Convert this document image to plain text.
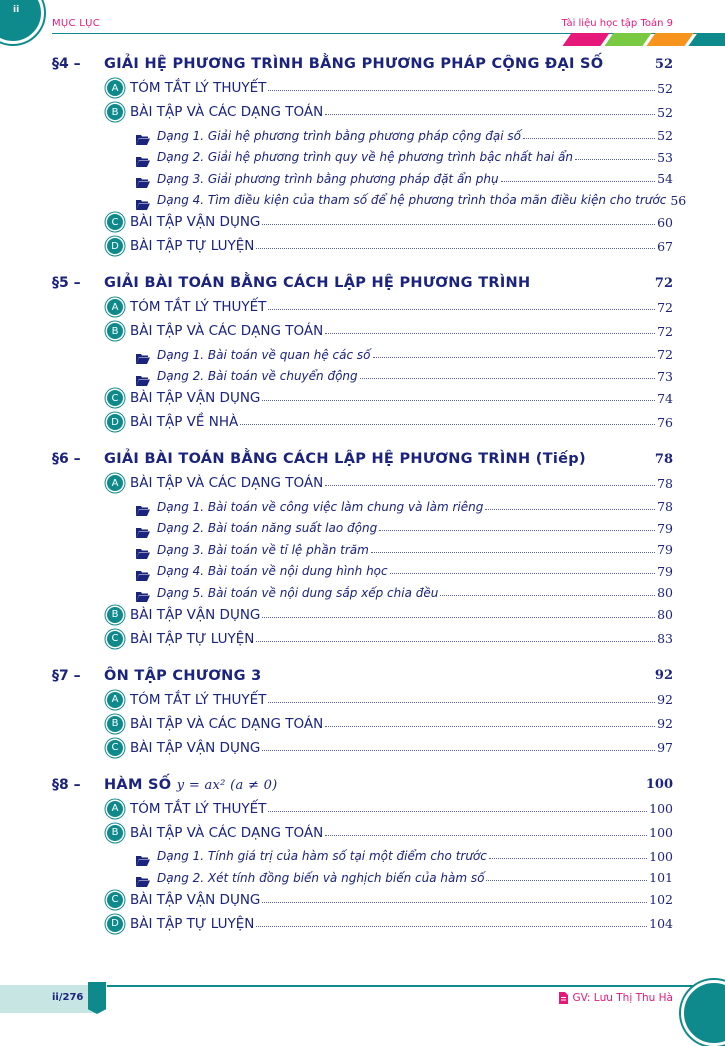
ii
MỤC LỤC	Tài liệu học tập Toán 9
§4 –	GIẢI HỆ PHƯƠNG TRÌNH BẰNG PHƯƠNG PHÁP CỘNG ĐẠI SỐ	52
A TÓM TẮT LÝ THUYẾT	52
B BÀI TẬP VÀ CÁC DẠNG TOÁN	52
Dạng 1. Giải hệ phương trình bằng phương pháp cộng đại số	52
Dạng 2. Giải hệ phương trình quy về hệ phương trình bậc nhất hai ẩn	53
Dạng 3. Giải phương trình bằng phương pháp đặt ẩn phụ	54
Dạng 4. Tìm điều kiện của tham số để hệ phương trình thỏa mãn điều kiện cho trước 56
C BÀI TẬP VẬN DỤNG	60
D BÀI TẬP TỰ LUYỆN	67
§5 –	GIẢI BÀI TOÁN BẰNG CÁCH LẬP HỆ PHƯƠNG TRÌNH	72
A TÓM TẮT LÝ THUYẾT	72
B BÀI TẬP VÀ CÁC DẠNG TOÁN	72
Dạng 1. Bài toán về quan hệ các số	72
Dạng 2. Bài toán về chuyển động	73
C BÀI TẬP VẬN DỤNG	74
D BÀI TẬP VỀ NHÀ	76
§6 –	GIẢI BÀI TOÁN BẰNG CÁCH LẬP HỆ PHƯƠNG TRÌNH (Tiếp)	78
A BÀI TẬP VÀ CÁC DẠNG TOÁN	78
Dạng 1. Bài toán về công việc làm chung và làm riêng	78
Dạng 2. Bài toán năng suất lao động	79
Dạng 3. Bài toán về tỉ lệ phần trăm	79
Dạng 4. Bài toán về nội dung hình học	79
Dạng 5. Bài toán về nội dung sắp xếp chia đều	80
B BÀI TẬP VẬN DỤNG	80
C BÀI TẬP TỰ LUYỆN	83
§7 –	ÔN TẬP CHƯƠNG 3	92
A TÓM TẮT LÝ THUYẾT	92
B BÀI TẬP VÀ CÁC DẠNG TOÁN	92
C BÀI TẬP VẬN DỤNG	97
§8 –	HÀM SỐ y = ax² (a ≠ 0)	100
A TÓM TẮT LÝ THUYẾT	100
B BÀI TẬP VÀ CÁC DẠNG TOÁN	100
Dạng 1. Tính giá trị của hàm số tại một điểm cho trước	100
Dạng 2. Xét tính đồng biến và nghịch biến của hàm số	101
C BÀI TẬP VẬN DỤNG	102
D BÀI TẬP TỰ LUYỆN	104
ii/276	GV: Lưu Thị Thu Hà
